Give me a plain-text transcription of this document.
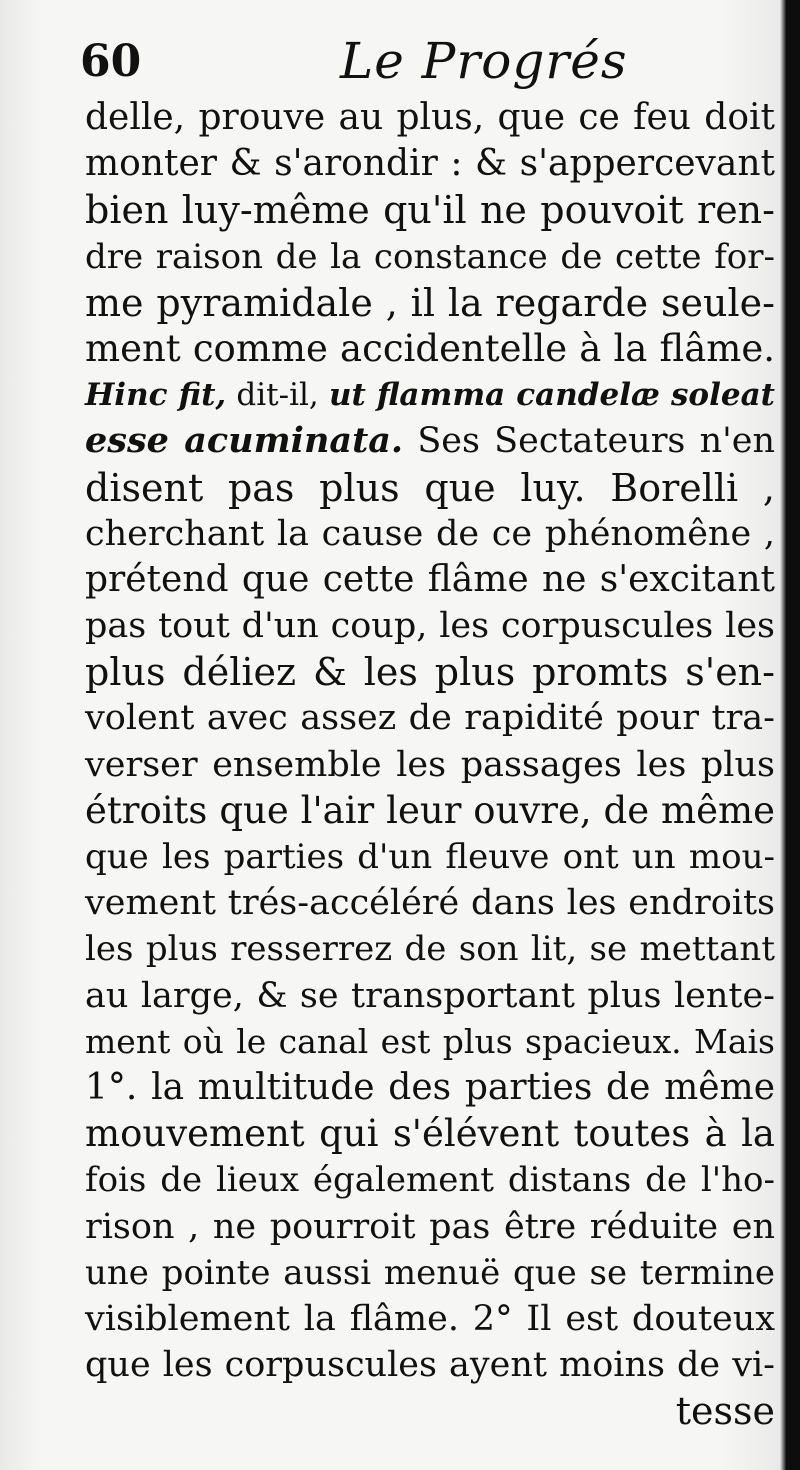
60	Le Progrés
delle, prouve au plus, que ce feu doit
monter & s'arondir : & s'appercevant
bien luy-même qu'il ne pouvoit ren-
dre raison de la constance de cette for-
me pyramidale , il la regarde seule-
ment comme accidentelle à la flâme.
Hinc fit, dit-il, ut flamma candelæ soleat
esse acuminata. Ses Sectateurs n'en
disent pas plus que luy. Borelli ,
cherchant la cause de ce phénomêne ,
prétend que cette flâme ne s'excitant
pas tout d'un coup, les corpuscules les
plus déliez & les plus promts s'en-
volent avec assez de rapidité pour tra-
verser ensemble les passages les plus
étroits que l'air leur ouvre, de même
que les parties d'un fleuve ont un mou-
vement trés-accéléré dans les endroits
les plus resserrez de son lit, se mettant
au large, & se transportant plus lente-
ment où le canal est plus spacieux. Mais
1°. la multitude des parties de même
mouvement qui s'élévent toutes à la
fois de lieux également distans de l'ho-
rison , ne pourroit pas être réduite en
une pointe aussi menuë que se termine
visiblement la flâme. 2° Il est douteux
que les corpuscules ayent moins de vi-
tesse
